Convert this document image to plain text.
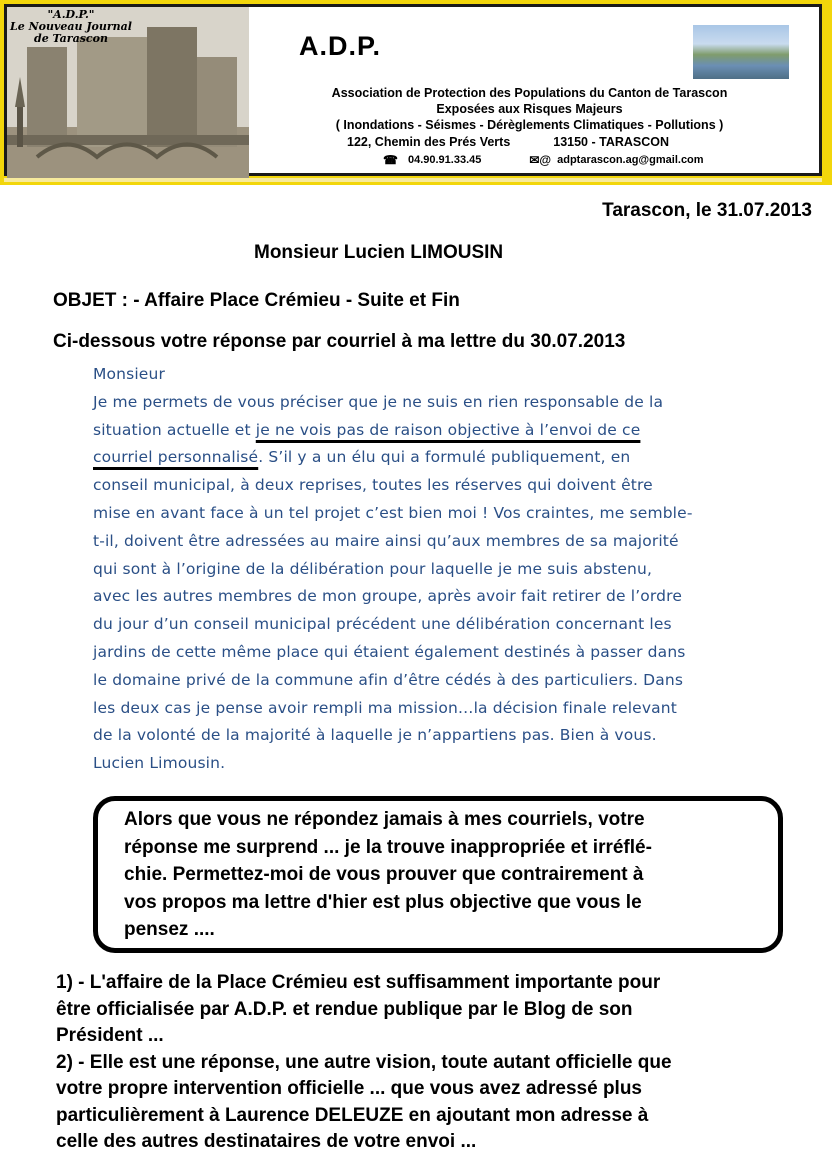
"A.D.P."
Le Nouveau Journal
de Tarascon	A.D.P.
Association de Protection des Populations du Canton de Tarascon
Exposées aux Risques Majeurs
( Inondations - Séismes - Dérèglements Climatiques - Pollutions )
122, Chemin des Prés Verts	13150 - TARASCON
☎ 04.90.91.33.45	✉@ adptarascon.ag@gmail.com
Tarascon, le 31.07.2013
Monsieur Lucien LIMOUSIN
OBJET : - Affaire Place Crémieu - Suite et Fin
Ci-dessous votre réponse par courriel à ma lettre du 30.07.2013
Monsieur
Je me permets de vous préciser que je ne suis en rien responsable de la
situation actuelle et je ne vois pas de raison objective à l’envoi de ce
courriel personnalisé. S’il y a un élu qui a formulé publiquement, en
conseil municipal, à deux reprises, toutes les réserves qui doivent être
mise en avant face à un tel projet c’est bien moi ! Vos craintes, me semble-
t-il, doivent être adressées au maire ainsi qu’aux membres de sa majorité
qui sont à l’origine de la délibération pour laquelle je me suis abstenu,
avec les autres membres de mon groupe, après avoir fait retirer de l’ordre
du jour d’un conseil municipal précédent une délibération concernant les
jardins de cette même place qui étaient également destinés à passer dans
le domaine privé de la commune afin d’être cédés à des particuliers. Dans
les deux cas je pense avoir rempli ma mission…la décision finale relevant
de la volonté de la majorité à laquelle je n’appartiens pas. Bien à vous.
Lucien Limousin.
Alors que vous ne répondez jamais à mes courriels, votre
réponse me surprend ... je la trouve inappropriée et irréflé-
chie. Permettez-moi de vous prouver que contrairement à
vos propos ma lettre d'hier est plus objective que vous le
pensez ....
1) - L'affaire de la Place Crémieu est suffisamment importante pour
être officialisée par A.D.P. et rendue publique par le Blog de son
Président ...
2) - Elle est une réponse, une autre vision, toute autant officielle que
votre propre intervention officielle ... que vous avez adressé plus
particulièrement à Laurence DELEUZE en ajoutant mon adresse à
celle des autres destinataires de votre envoi ...
